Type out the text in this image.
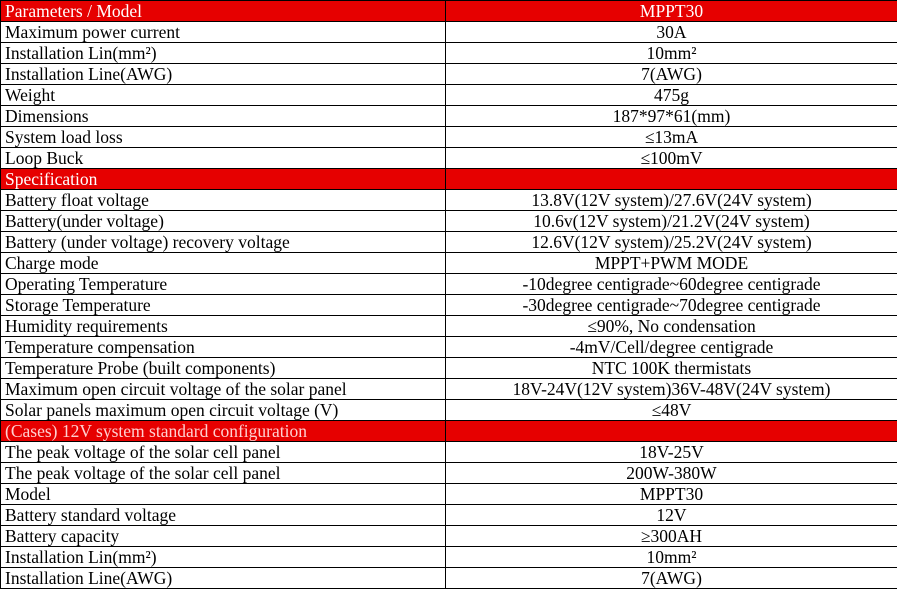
Parameters / Model	MPPT30
Maximum power current	30A
Installation Lin(mm²)	10mm²
Installation Line(AWG)	7(AWG)
Weight	475g
Dimensions	187*97*61(mm)
System load loss	≤13mA
Loop Buck	≤100mV
Specification	
Battery float voltage	13.8V(12V system)/27.6V(24V system)
Battery(under voltage)	10.6v(12V system)/21.2V(24V system)
Battery (under voltage) recovery voltage	12.6V(12V system)/25.2V(24V system)
Charge mode	MPPT+PWM MODE
Operating Temperature	-10degree centigrade~60degree centigrade
Storage Temperature	-30degree centigrade~70degree centigrade
Humidity requirements	≤90%, No condensation
Temperature compensation	-4mV/Cell/degree centigrade
Temperature Probe (built components)	NTC 100K thermistats
Maximum open circuit voltage of the solar panel	18V-24V(12V system)36V-48V(24V system)
Solar panels maximum open circuit voltage (V)	≤48V
(Cases) 12V system standard configuration	
The peak voltage of the solar cell panel	18V-25V
The peak voltage of the solar cell panel	200W-380W
Model	MPPT30
Battery standard voltage	12V
Battery capacity	≥300AH
Installation Lin(mm²)	10mm²
Installation Line(AWG)	7(AWG)
